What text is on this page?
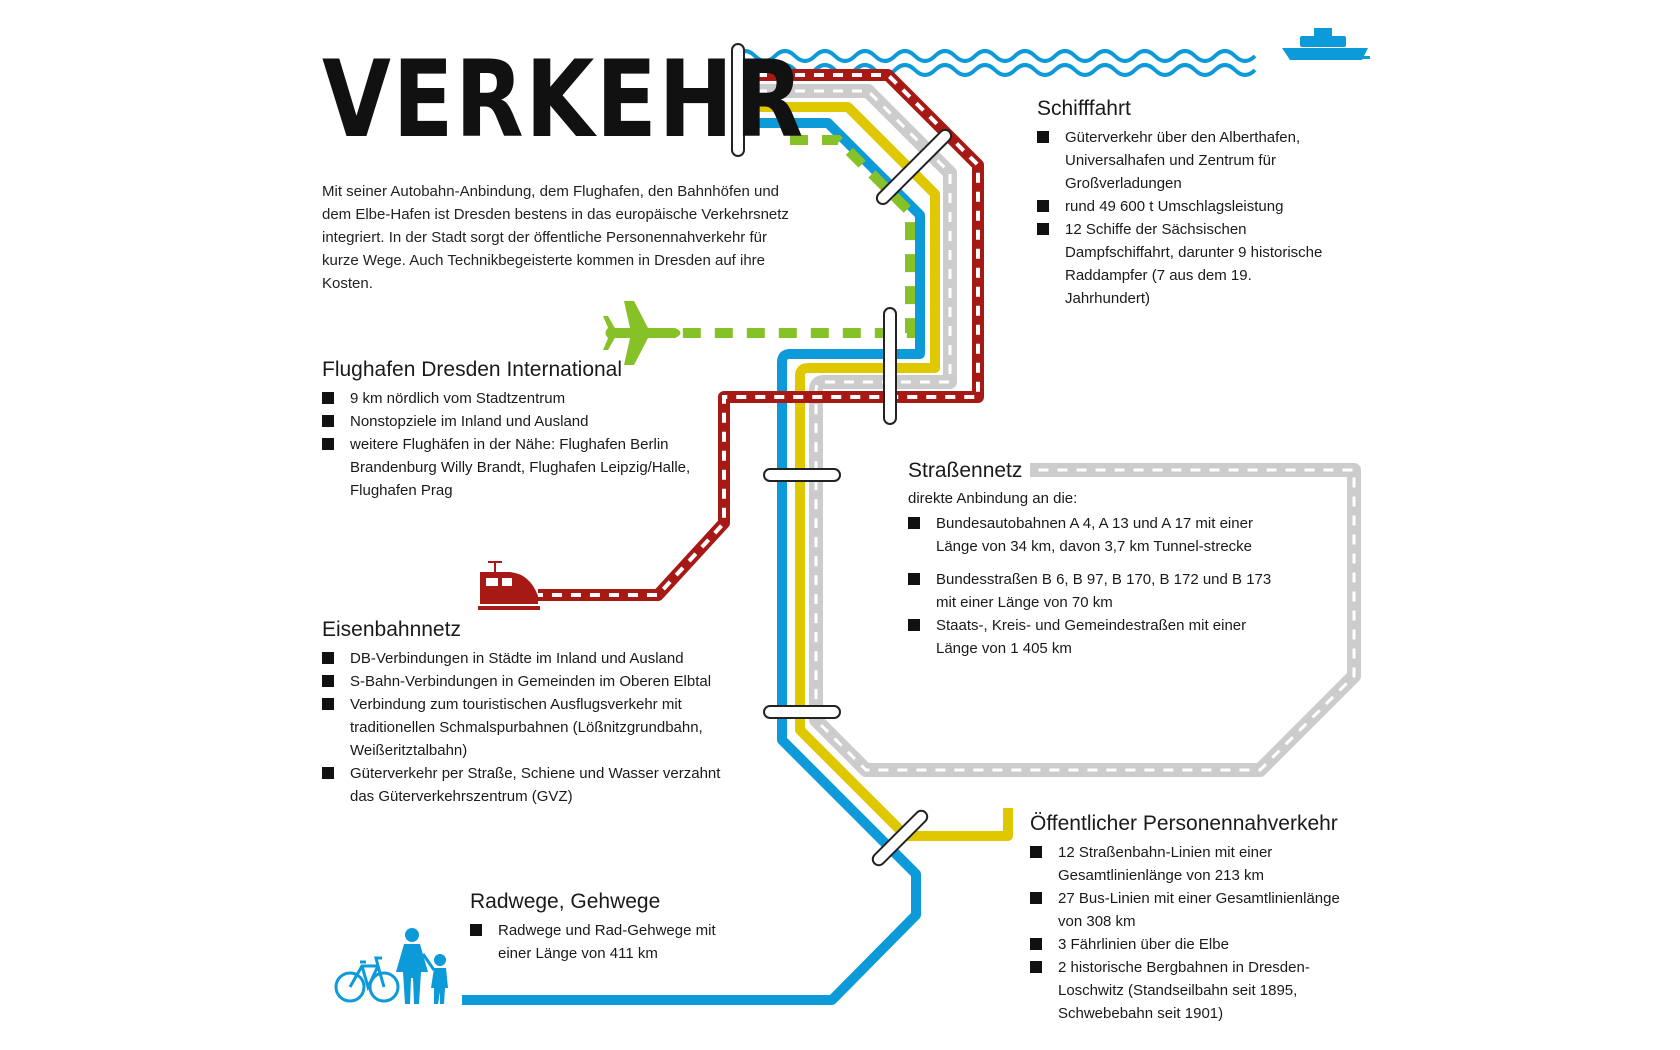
VERKEHR
Mit seiner Autobahn-Anbindung, dem Flughafen, den Bahnhöfen und dem Elbe-Hafen ist Dresden bestens in das europäische Verkehrsnetz integriert. In der Stadt sorgt der öffentliche Personennahverkehr für kurze Wege. Auch Technikbegeisterte kommen in Dresden auf ihre Kosten.
Schifffahrt
Güterverkehr über den Alberthafen, Universalhafen und Zentrum für Großverladungen
rund 49 600 t Umschlagsleistung
12 Schiffe der Sächsischen Dampfschiffahrt, darunter 9 historische Raddampfer (7 aus dem 19. Jahrhundert)
Flughafen Dresden International
9 km nördlich vom Stadtzentrum
Nonstopziele im Inland und Ausland
weitere Flughäfen in der Nähe: Flughafen Berlin Brandenburg Willy Brandt, Flughafen Leipzig/Halle, Flughafen Prag
Straßennetz
direkte Anbindung an die:
Bundesautobahnen A 4, A 13 und A 17 mit einer Länge von 34 km, davon 3,7 km Tunnel-strecke
Bundesstraßen B 6, B 97, B 170, B 172 und B 173 mit einer Länge von 70 km
Staats-, Kreis- und Gemeindestraßen mit einer Länge von 1 405 km
Eisenbahnnetz
DB-Verbindungen in Städte im Inland und Ausland
S-Bahn-Verbindungen in Gemeinden im Oberen Elbtal
Verbindung zum touristischen Ausflugsverkehr mit traditionellen Schmalspurbahnen (Lößnitzgrundbahn, Weißeritztalbahn)
Güterverkehr per Straße, Schiene und Wasser verzahnt das Güterverkehrszentrum (GVZ)
Öffentlicher Personennahverkehr
12 Straßenbahn-Linien mit einer Gesamtlinienlänge von 213 km
27 Bus-Linien mit einer Gesamtlinienlänge von 308 km
3 Fährlinien über die Elbe
2 historische Bergbahnen in Dresden-Loschwitz (Standseilbahn seit 1895, Schwebebahn seit 1901)
Radwege, Gehwege
Radwege und Rad-Gehwege mit einer Länge von 411 km
